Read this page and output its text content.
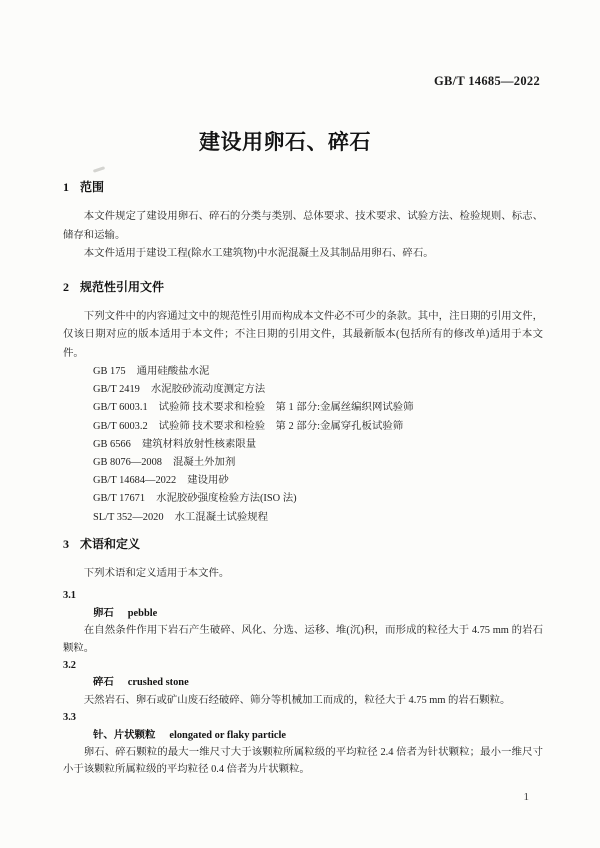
GB/T 14685—2022
建设用卵石、碎石
1 范围

本文件规定了建设用卵石、碎石的分类与类别、总体要求、技术要求、试验方法、检验规则、标志、储存和运输。

本文件适用于建设工程(除水工建筑物)中水泥混凝土及其制品用卵石、碎石。

2 规范性引用文件

下列文件中的内容通过文中的规范性引用而构成本文件必不可少的条款。其中，注日期的引用文件，仅该日期对应的版本适用于本文件；不注日期的引用文件，其最新版本(包括所有的修改单)适用于本文件。

GB 175 通用硅酸盐水泥
GB/T 2419 水泥胶砂流动度测定方法
GB/T 6003.1 试验筛 技术要求和检验　第 1 部分:金属丝编织网试验筛
GB/T 6003.2 试验筛 技术要求和检验　第 2 部分:金属穿孔板试验筛
GB 6566 建筑材料放射性核素限量
GB 8076—2008 混凝土外加剂
GB/T 14684—2022 建设用砂
GB/T 17671 水泥胶砂强度检验方法(ISO 法)
SL/T 352—2020 水工混凝土试验规程
3 术语和定义

下列术语和定义适用于本文件。

3.1
卵石 pebble

在自然条件作用下岩石产生破碎、风化、分选、运移、堆(沉)积，而形成的粒径大于 4.75 mm 的岩石颗粒。

3.2
碎石 crushed stone

天然岩石、卵石或矿山废石经破碎、筛分等机械加工而成的，粒径大于 4.75 mm 的岩石颗粒。

3.3
针、片状颗粒 elongated or flaky particle

卵石、碎石颗粒的最大一维尺寸大于该颗粒所属粒级的平均粒径 2.4 倍者为针状颗粒；最小一维尺寸小于该颗粒所属粒级的平均粒径 0.4 倍者为片状颗粒。

1
